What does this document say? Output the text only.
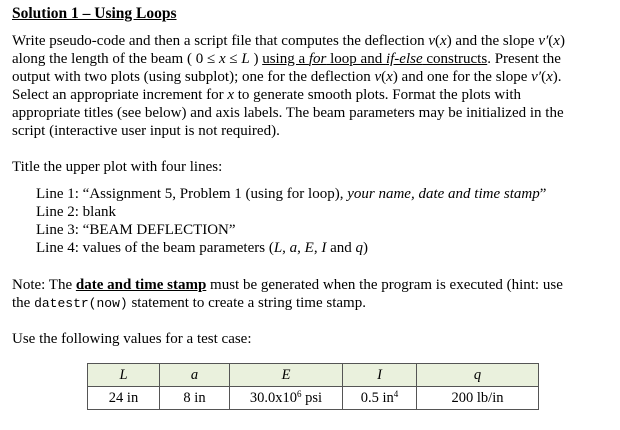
Solution 1 – Using Loops
Write pseudo-code and then a script file that computes the deflection v(x) and the slope v′(x)
along the length of the beam ( 0 ≤ x ≤ L ) using a for loop and if-else constructs. Present the
output with two plots (using subplot); one for the deflection v(x) and one for the slope v′(x).
Select an appropriate increment for x to generate smooth plots. Format the plots with
appropriate titles (see below) and axis labels. The beam parameters may be initialized in the
script (interactive user input is not required).
Title the upper plot with four lines:
Line 1: “Assignment 5, Problem 1 (using for loop), your name, date and time stamp”
Line 2: blank
Line 3: “BEAM DEFLECTION”
Line 4: values of the beam parameters (L, a, E, I and q)
Note: The date and time stamp must be generated when the program is executed (hint: use
the datestr(now) statement to create a string time stamp.
Use the following values for a test case:
L	a	E	I	q
24 in	8 in	$30.0x10^6$ psi	0.5 $in^4$	200 lb/in
